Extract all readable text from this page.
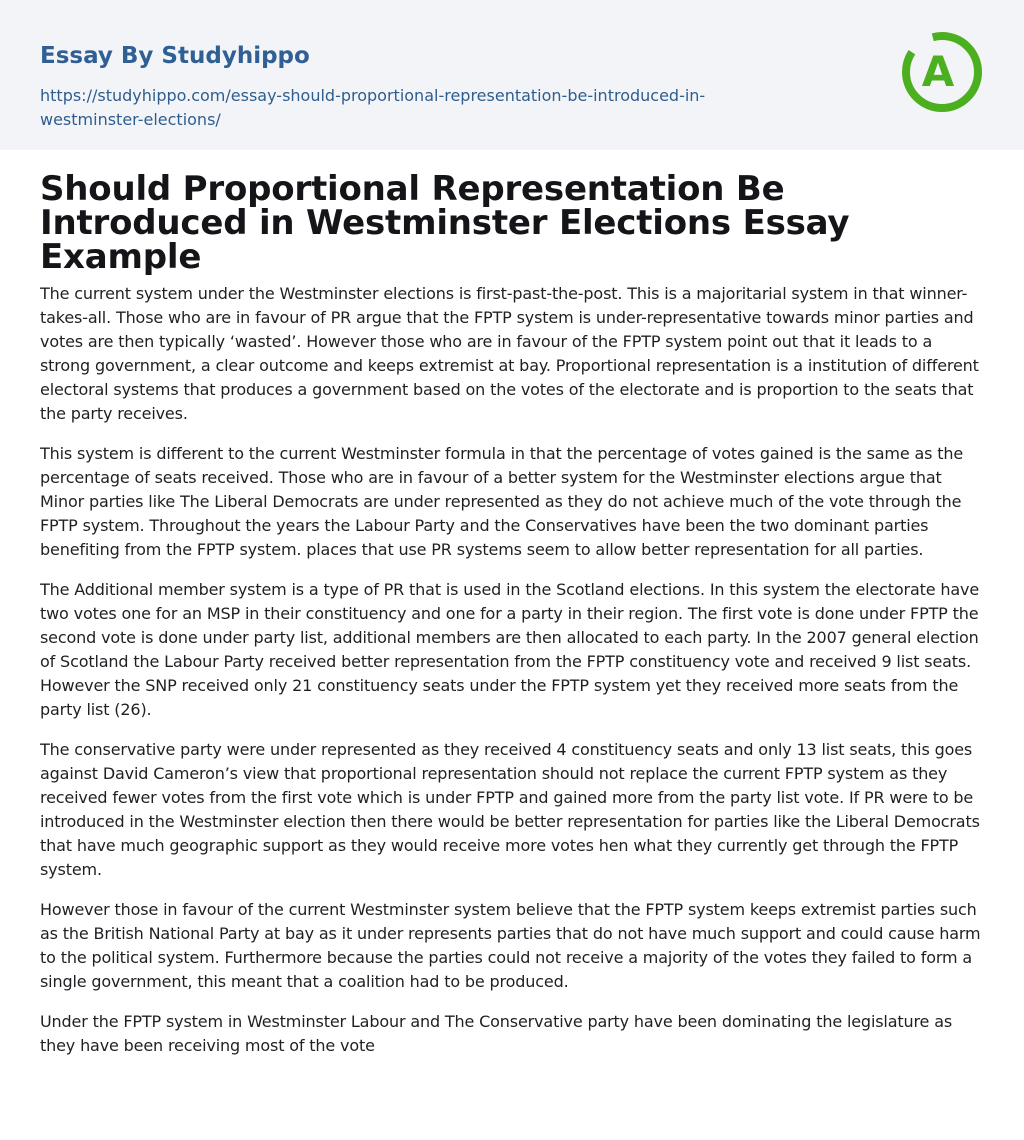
Essay By Studyhippo
https://studyhippo.com/essay-should-proportional-representation-be-introduced-in-westminster-elections/
A
Should Proportional Representation Be Introduced in Westminster Elections Essay Example

The current system under the Westminster elections is first-past-the-post. This is a majoritarial system in that winner-takes-all. Those who are in favour of PR argue that the FPTP system is under-representative towards minor parties and votes are then typically ‘wasted’. However those who are in favour of the FPTP system point out that it leads to a strong government, a clear outcome and keeps extremist at bay. Proportional representation is a institution of different electoral systems that produces a government based on the votes of the electorate and is proportion to the seats that the party receives.

This system is different to the current Westminster formula in that the percentage of votes gained is the same as the percentage of seats received. Those who are in favour of a better system for the Westminster elections argue that Minor parties like The Liberal Democrats are under represented as they do not achieve much of the vote through the FPTP system. Throughout the years the Labour Party and the Conservatives have been the two dominant parties benefiting from the FPTP system. places that use PR systems seem to allow better representation for all parties.

The Additional member system is a type of PR that is used in the Scotland elections. In this system the electorate have two votes one for an MSP in their constituency and one for a party in their region. The first vote is done under FPTP the second vote is done under party list, additional members are then allocated to each party. In the 2007 general election of Scotland the Labour Party received better representation from the FPTP constituency vote and received 9 list seats. However the SNP received only 21 constituency seats under the FPTP system yet they received more seats from the party list (26).

The conservative party were under represented as they received 4 constituency seats and only 13 list seats, this goes against David Cameron’s view that proportional representation should not replace the current FPTP system as they received fewer votes from the first vote which is under FPTP and gained more from the party list vote. If PR were to be introduced in the Westminster election then there would be better representation for parties like the Liberal Democrats that have much geographic support as they would receive more votes hen what they currently get through the FPTP system.

However those in favour of the current Westminster system believe that the FPTP system keeps extremist parties such as the British National Party at bay as it under represents parties that do not have much support and could cause harm to the political system. Furthermore because the parties could not receive a majority of the votes they failed to form a single government, this meant that a coalition had to be produced.

Under the FPTP system in Westminster Labour and The Conservative party have been dominating the legislature as they have been receiving most of the vote
